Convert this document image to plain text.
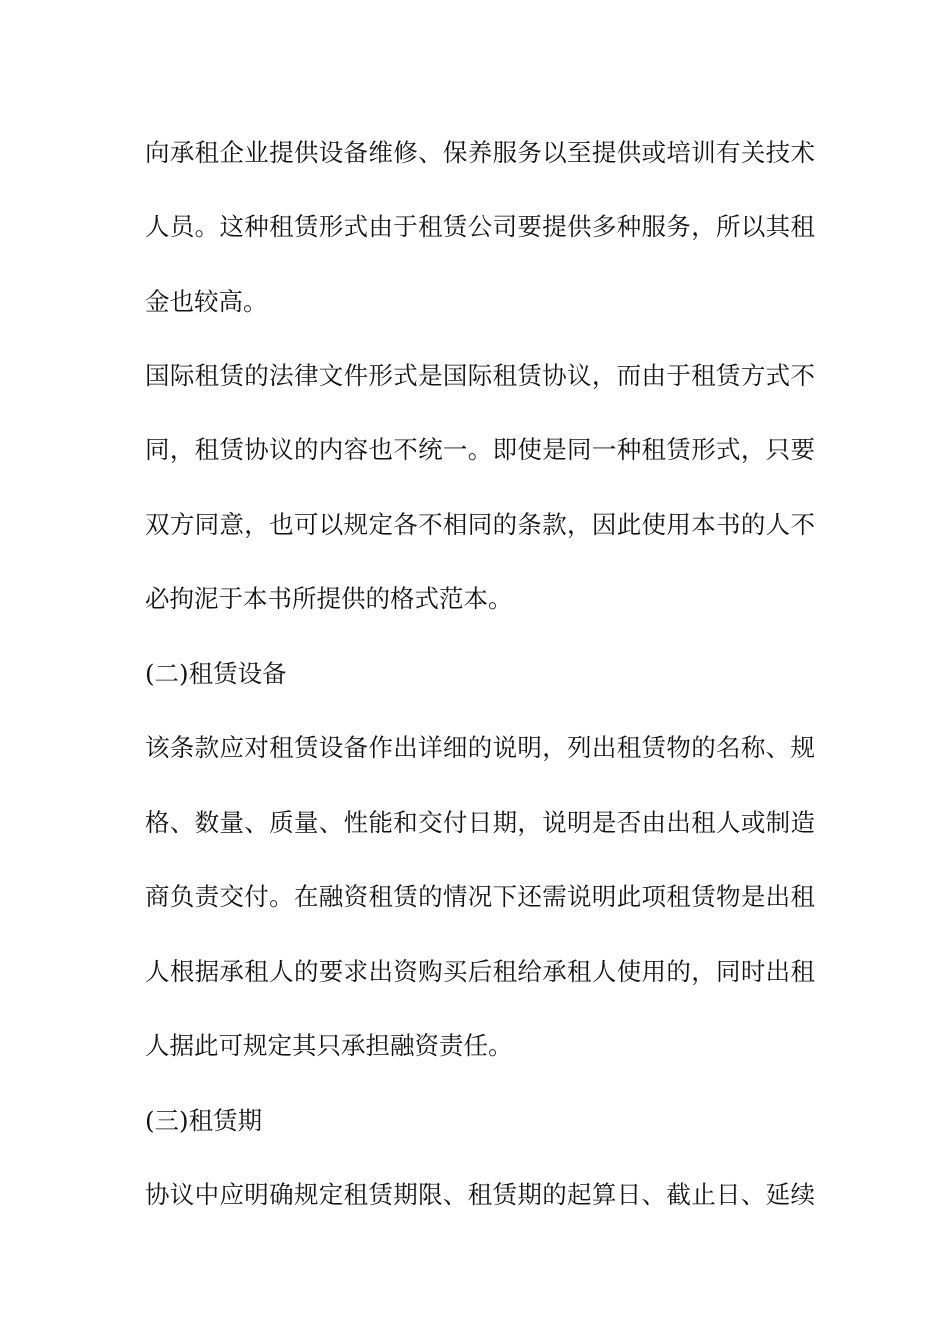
向承租企业提供设备维修、保养服务以至提供或培训有关技术
人员。这种租赁形式由于租赁公司要提供多种服务，所以其租
金也较高。
国际租赁的法律文件形式是国际租赁协议，而由于租赁方式不
同，租赁协议的内容也不统一。即使是同一种租赁形式，只要
双方同意，也可以规定各不相同的条款，因此使用本书的人不
必拘泥于本书所提供的格式范本。
(二)租赁设备
该条款应对租赁设备作出详细的说明，列出租赁物的名称、规
格、数量、质量、性能和交付日期，说明是否由出租人或制造
商负责交付。在融资租赁的情况下还需说明此项租赁物是出租
人根据承租人的要求出资购买后租给承租人使用的，同时出租
人据此可规定其只承担融资责任。
(三)租赁期
协议中应明确规定租赁期限、租赁期的起算日、截止日、延续
